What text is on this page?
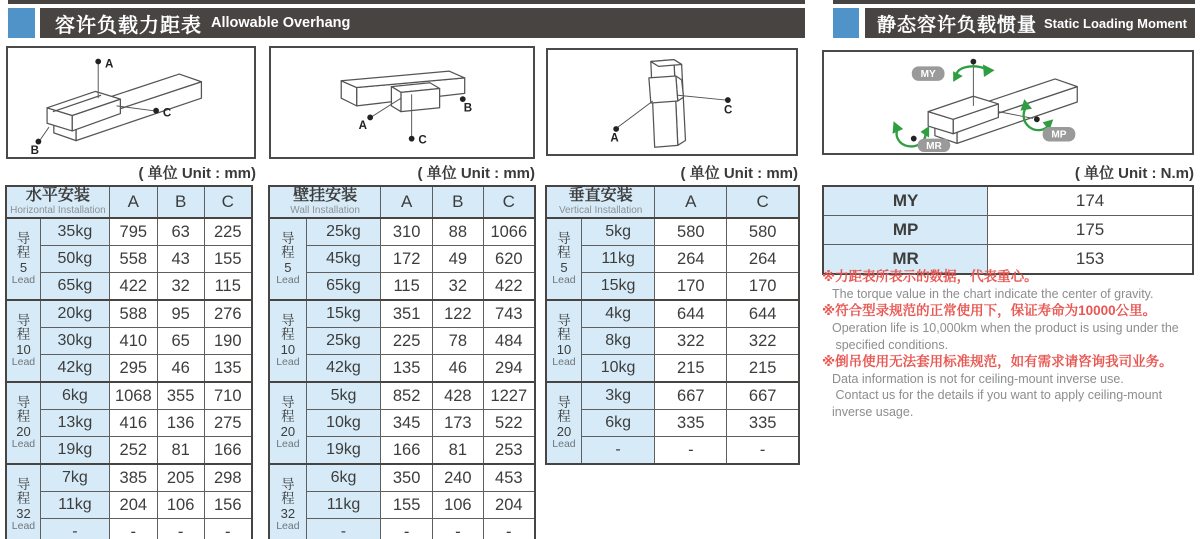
容许负载力距表 Allowable Overhang	静态容许负载惯量 Static Loading Moment
A
C
B
A
C
B
A
C
MY
MP
MR
( 单位 Unit : mm)	( 单位 Unit : mm)	( 单位 Unit : mm)	( 单位 Unit : N.m)
水平安装
Horizontal Installation		A	B	C

导
程
5
Lead	35kg	795	63	225
	50kg	558	43	155
	65kg	422	32	115

导
程
10
Lead	20kg	588	95	276
	30kg	410	65	190
	42kg	295	46	135

导
程
20
Lead	6kg	1068	355	710
	13kg	416	136	275
	19kg	252	81	166

导
程
32
Lead	7kg	385	205	298
	11kg	204	106	156
	-	-	-	-
壁挂安装
Wall Installation		A	B	C

导
程
5
Lead	25kg	310	88	1066
	45kg	172	49	620
	65kg	115	32	422

导
程
10
Lead	15kg	351	122	743
	25kg	225	78	484
	42kg	135	46	294

导
程
20
Lead	5kg	852	428	1227
	10kg	345	173	522
	19kg	166	81	253

导
程
32
Lead	6kg	350	240	453
	11kg	155	106	204
	-	-	-	-
垂直安装
Vertical Installation		A	C

导
程
5
Lead	5kg	580	580
	11kg	264	264
	15kg	170	170

导
程
10
Lead	4kg	644	644
	8kg	322	322
	10kg	215	215

导
程
20
Lead	3kg	667	667
	6kg	335	335
	-	-	-
MY	174
MP	175
MR	153
※力距表所表示的数据，代表重心。
The torque value in the chart indicate the center of gravity.
※符合型录规范的正常使用下，保证寿命为10000公里。
Operation life is 10,000km when the product is using under the
specified conditions.
※倒吊使用无法套用标准规范，如有需求请咨询我司业务。
Data information is not for ceiling-mount inverse use.
Contact us for the details if you want to apply ceiling-mount
inverse usage.
